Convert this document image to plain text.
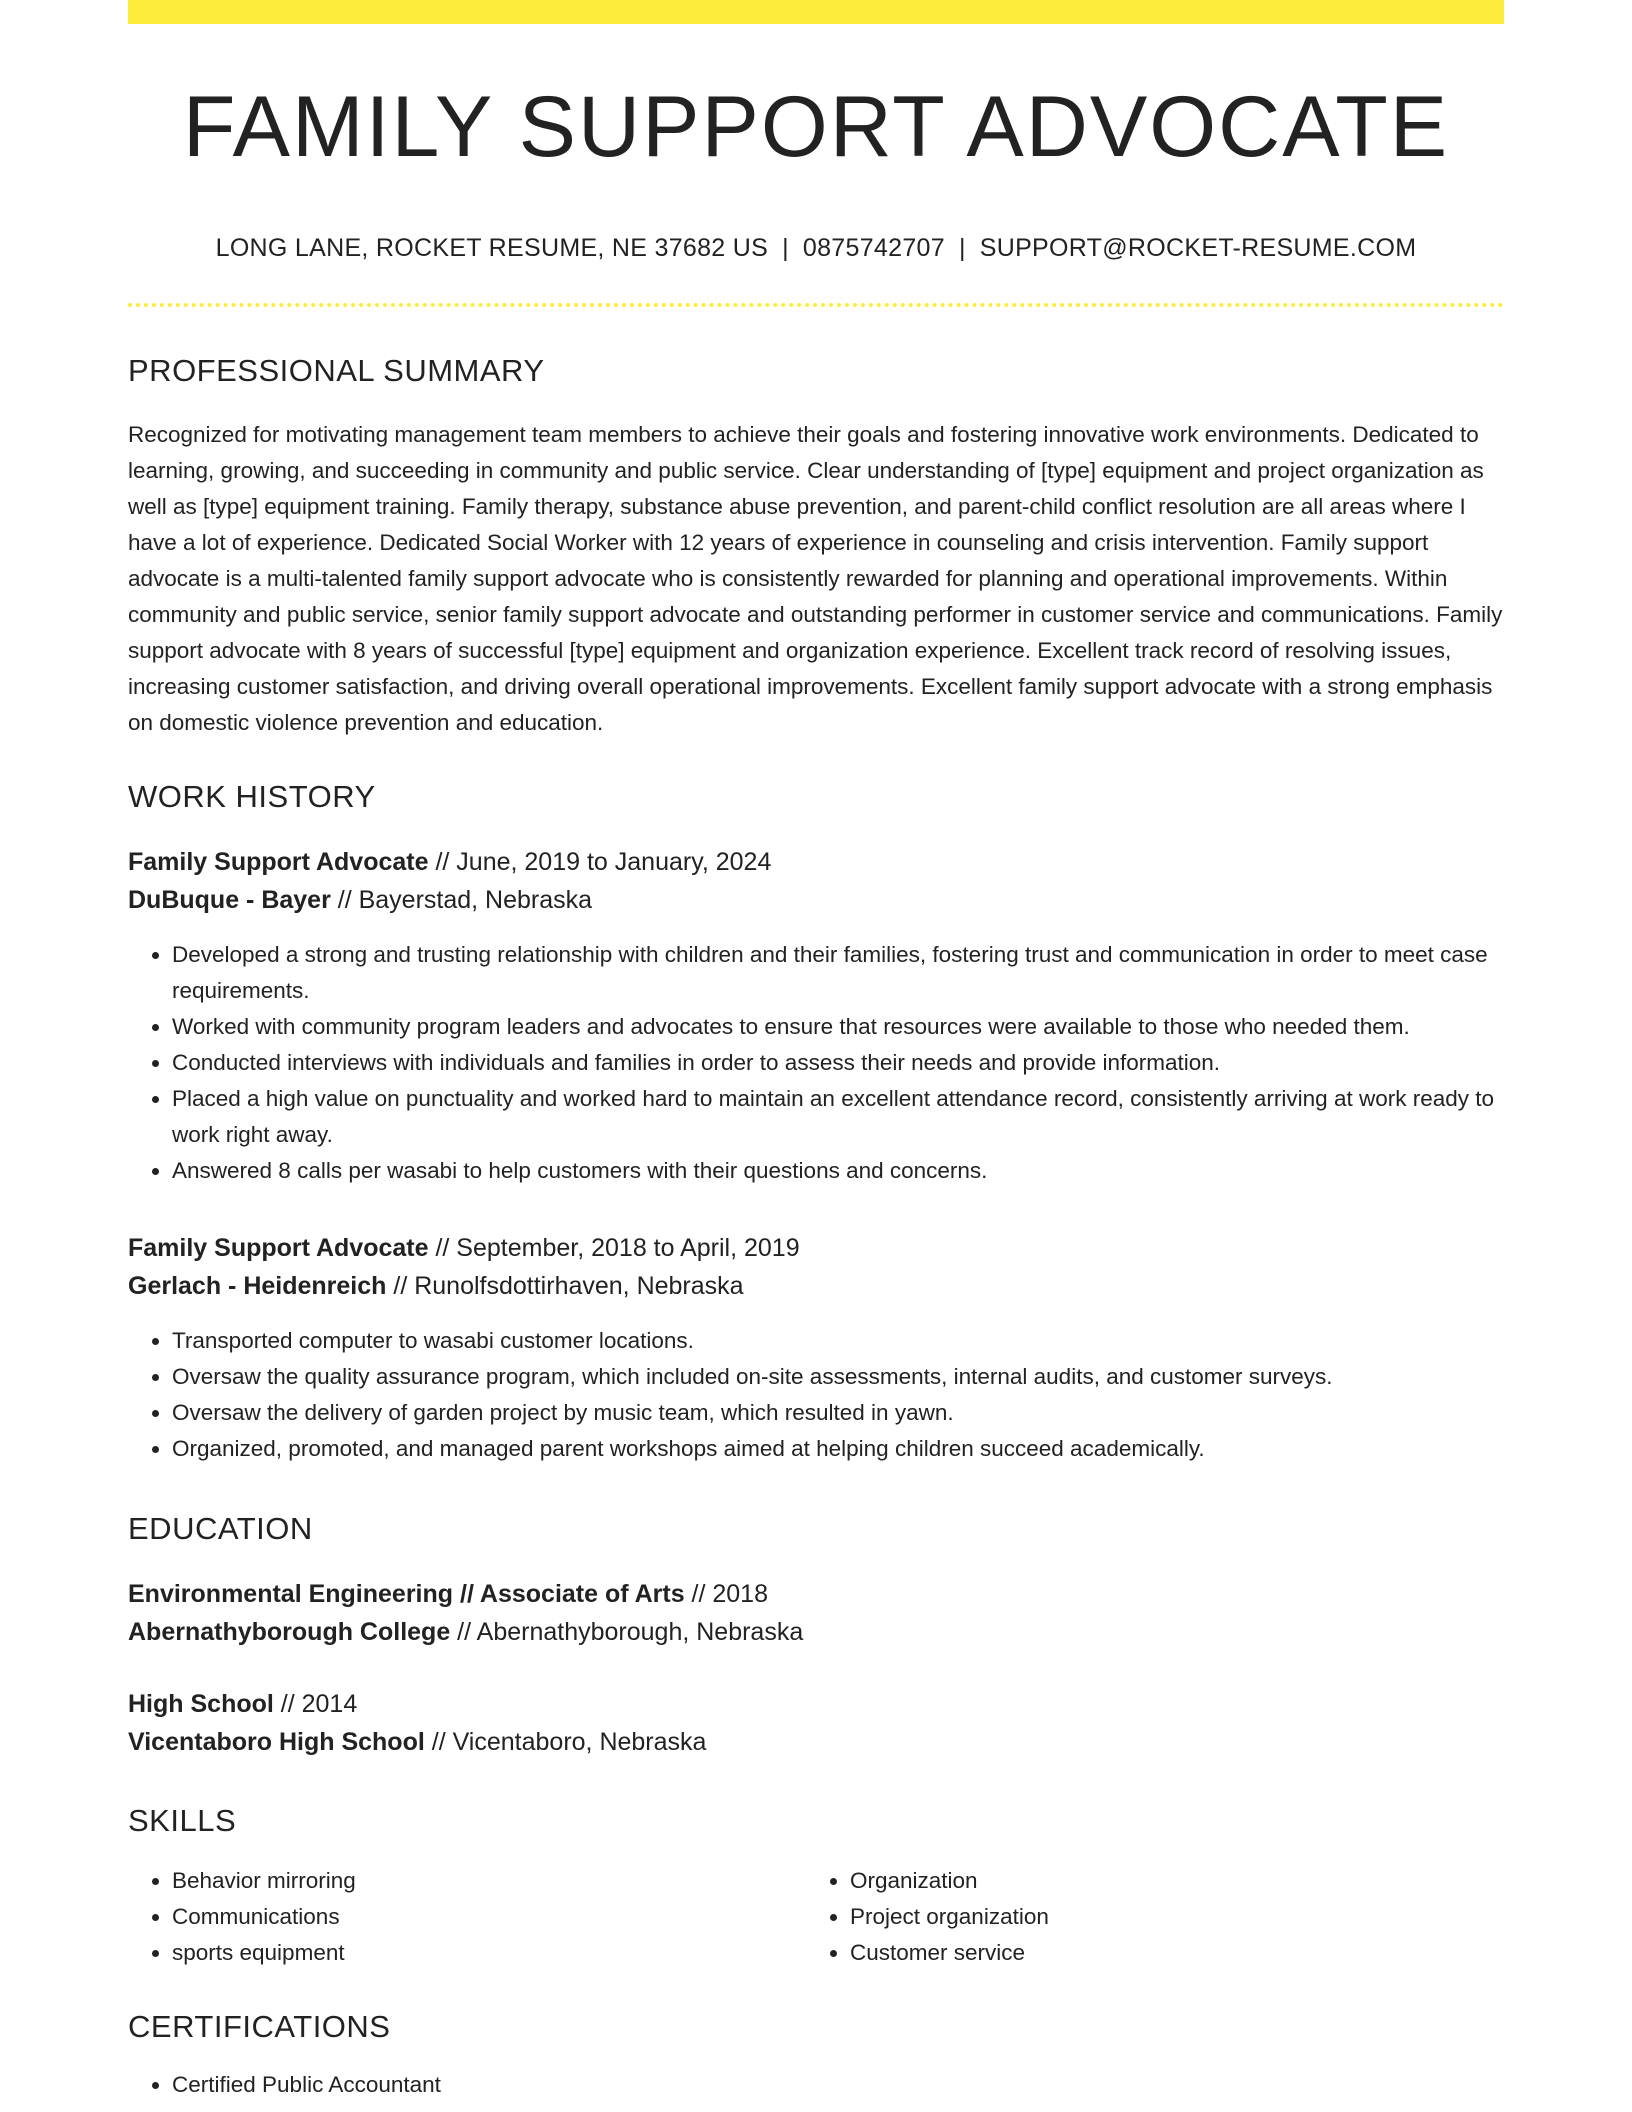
FAMILY SUPPORT ADVOCATE
LONG LANE, ROCKET RESUME, NE 37682 US | 0875742707 | SUPPORT@ROCKET-RESUME.COM
PROFESSIONAL SUMMARY
Recognized for motivating management team members to achieve their goals and fostering innovative work environments. Dedicated to learning, growing, and succeeding in community and public service. Clear understanding of [type] equipment and project organization as well as [type] equipment training. Family therapy, substance abuse prevention, and parent-child conflict resolution are all areas where I have a lot of experience. Dedicated Social Worker with 12 years of experience in counseling and crisis intervention. Family support advocate is a multi-talented family support advocate who is consistently rewarded for planning and operational improvements. Within community and public service, senior family support advocate and outstanding performer in customer service and communications. Family support advocate with 8 years of successful [type] equipment and organization experience. Excellent track record of resolving issues, increasing customer satisfaction, and driving overall operational improvements. Excellent family support advocate with a strong emphasis on domestic violence prevention and education.
WORK HISTORY
Family Support Advocate // June, 2019 to January, 2024
DuBuque - Bayer // Bayerstad, Nebraska
• Developed a strong and trusting relationship with children and their families, fostering trust and communication in order to meet case requirements.
• Worked with community program leaders and advocates to ensure that resources were available to those who needed them.
• Conducted interviews with individuals and families in order to assess their needs and provide information.
• Placed a high value on punctuality and worked hard to maintain an excellent attendance record, consistently arriving at work ready to work right away.
• Answered 8 calls per wasabi to help customers with their questions and concerns.
Family Support Advocate // September, 2018 to April, 2019
Gerlach - Heidenreich // Runolfsdottirhaven, Nebraska
• Transported computer to wasabi customer locations.
• Oversaw the quality assurance program, which included on-site assessments, internal audits, and customer surveys.
• Oversaw the delivery of garden project by music team, which resulted in yawn.
• Organized, promoted, and managed parent workshops aimed at helping children succeed academically.
EDUCATION
Environmental Engineering // Associate of Arts // 2018
Abernathyborough College // Abernathyborough, Nebraska
High School // 2014
Vicentaboro High School // Vicentaboro, Nebraska
SKILLS
• Behavior mirroring
• Communications
• sports equipment
• Organization
• Project organization
• Customer service
CERTIFICATIONS
• Certified Public Accountant
